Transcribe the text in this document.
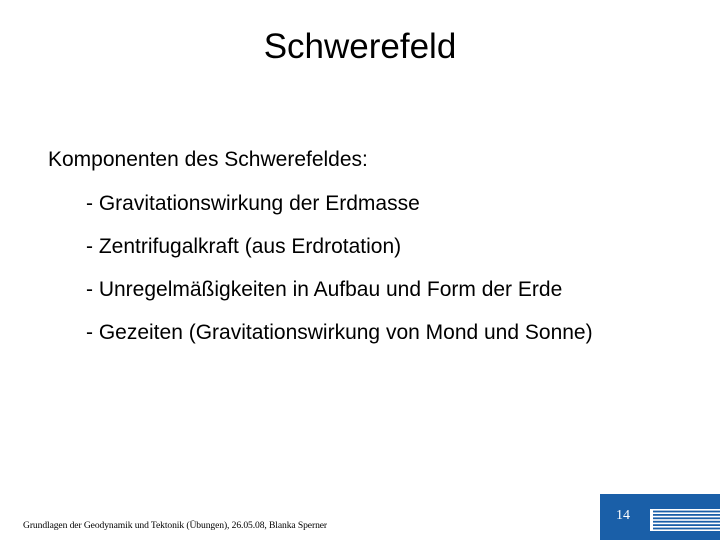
Schwerefeld

Komponenten des Schwerefeldes:

- Gravitationswirkung der Erdmasse
- Zentrifugalkraft (aus Erdrotation)
- Unregelmäßigkeiten in Aufbau und Form der Erde
- Gezeiten (Gravitationswirkung von Mond und Sonne)
Grundlagen der Geodynamik und Tektonik (Übungen), 26.05.08, Blanka Sperner
14
